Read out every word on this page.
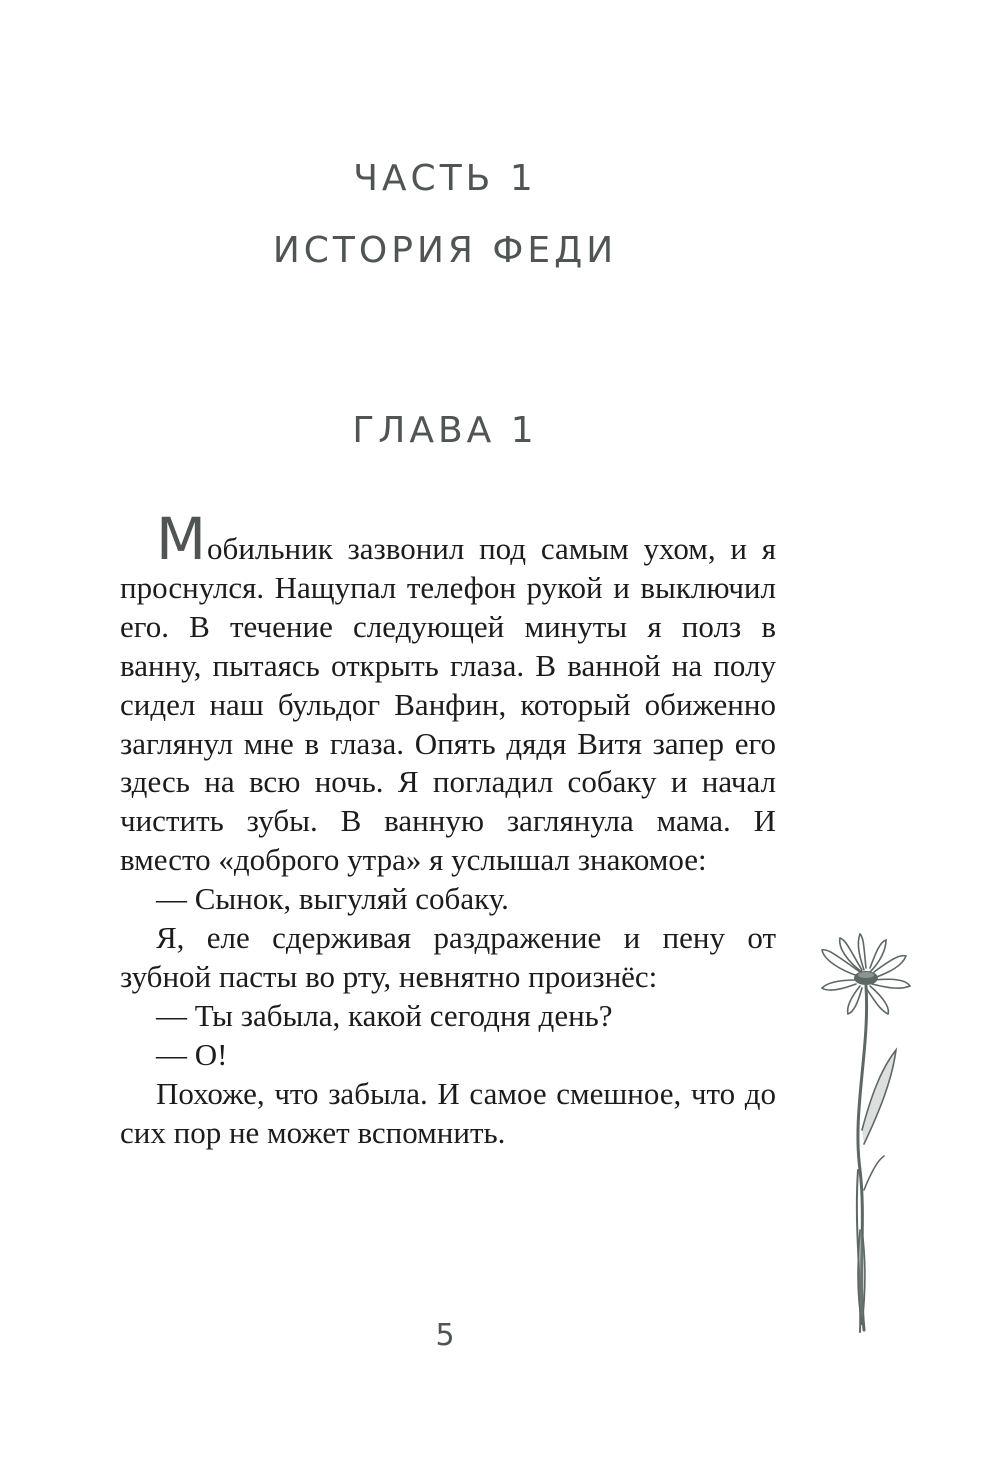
ЧАСТЬ 1
ИСТОРИЯ ФЕДИ
ГЛАВА 1

Мобильник зазвонил под самым ухом, и я проснулся. Нащупал телефон рукой и выключил его. В течение следующей минуты я полз в ванну, пытаясь открыть глаза. В ванной на полу сидел наш бульдог Ванфин, который обиженно заглянул мне в глаза. Опять дядя Витя запер его здесь на всю ночь. Я погладил собаку и начал чистить зубы. В ванную заглянула мама. И вместо «доброго утра» я услышал знакомое:

— Сынок, выгуляй собаку.

Я, еле сдерживая раздражение и пену от зубной пасты во рту, невнятно произнёс:

— Ты забыла, какой сегодня день?

— О!

Похоже, что забыла. И самое смешное, что до сих пор не может вспомнить.

5
